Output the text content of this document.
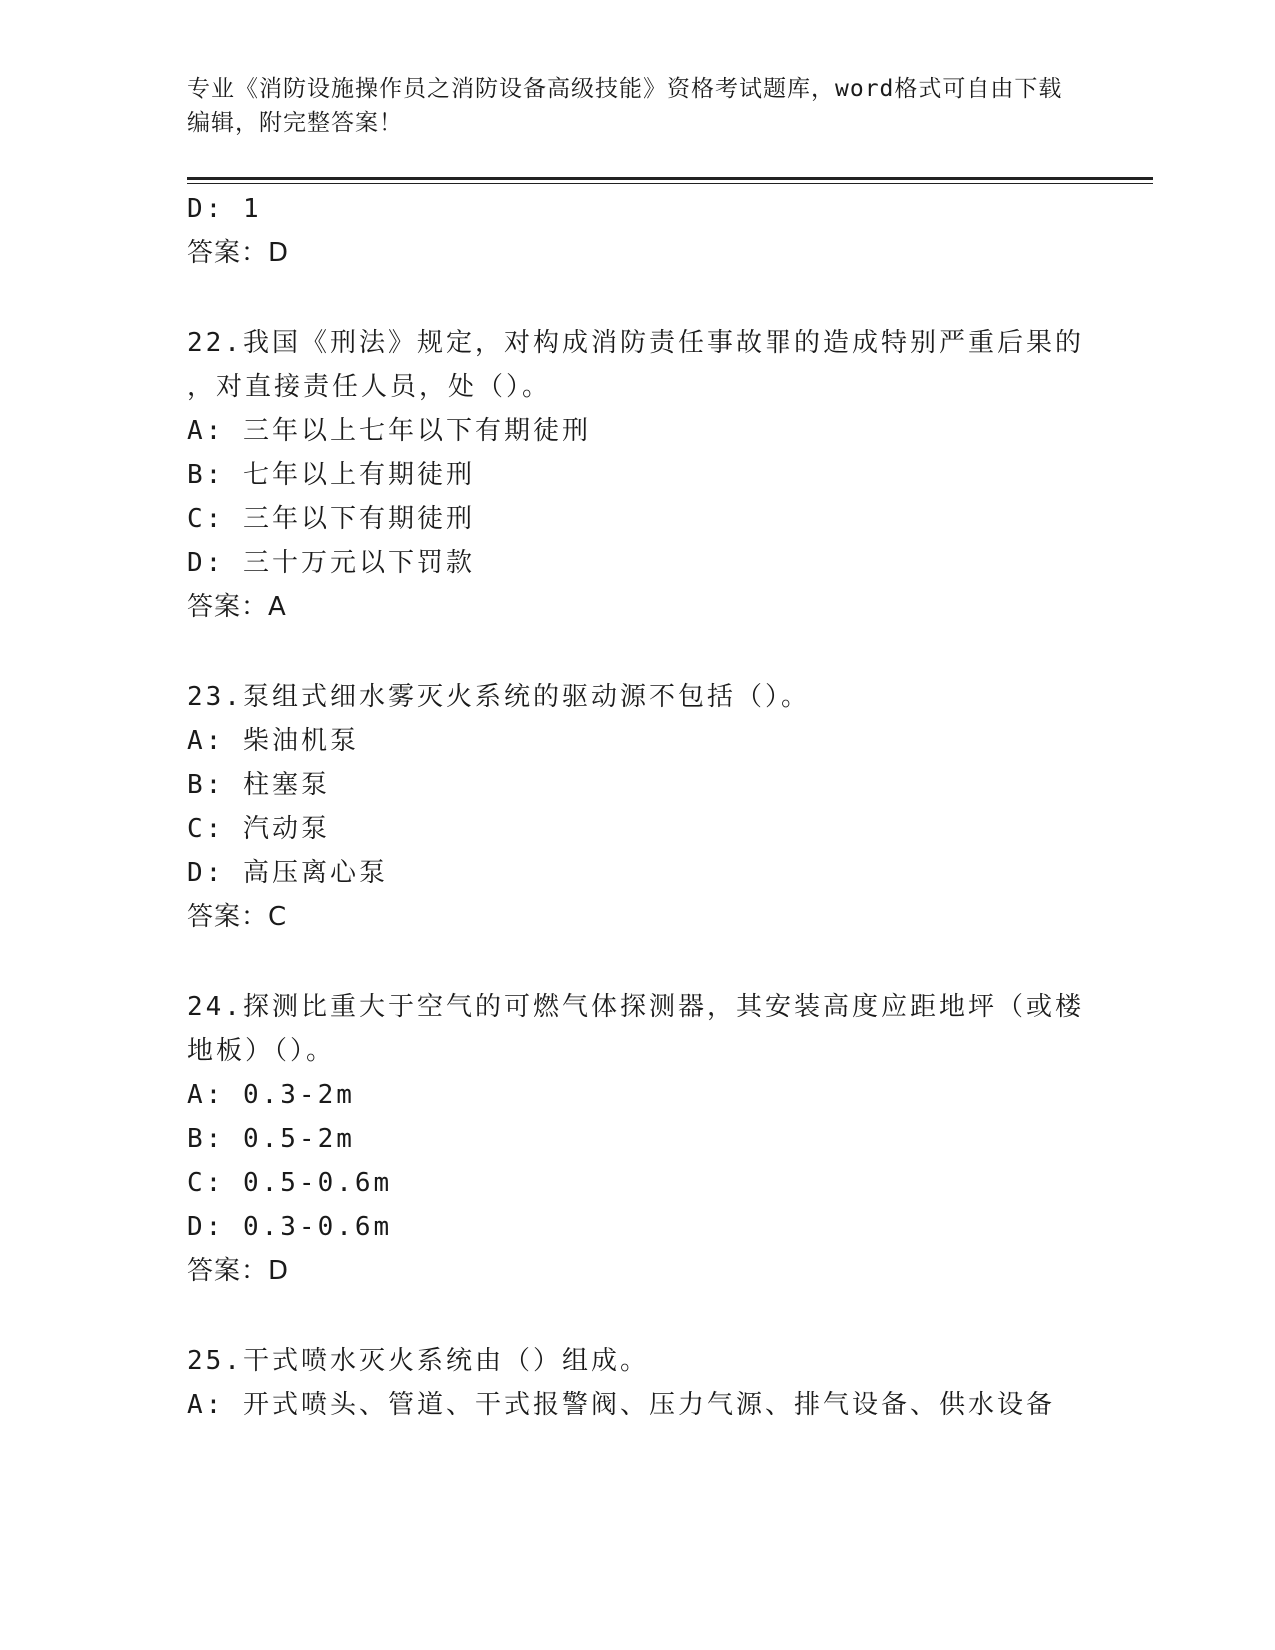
专业《消防设施操作员之消防设备高级技能》资格考试题库，word格式可自由下载编辑，附完整答案！
D: 1
答案：D
22.我国《刑法》规定，对构成消防责任事故罪的造成特别严重后果的
，对直接责任人员，处（）。
A: 三年以上七年以下有期徒刑
B: 七年以上有期徒刑
C: 三年以下有期徒刑
D: 三十万元以下罚款
答案：A
23.泵组式细水雾灭火系统的驱动源不包括（）。
A: 柴油机泵
B: 柱塞泵
C: 汽动泵
D: 高压离心泵
答案：C
24.探测比重大于空气的可燃气体探测器，其安装高度应距地坪（或楼
地板）（）。
A: 0.3-2m
B: 0.5-2m
C: 0.5-0.6m
D: 0.3-0.6m
答案：D
25.干式喷水灭火系统由（）组成。
A: 开式喷头、管道、干式报警阀、压力气源、排气设备、供水设备
